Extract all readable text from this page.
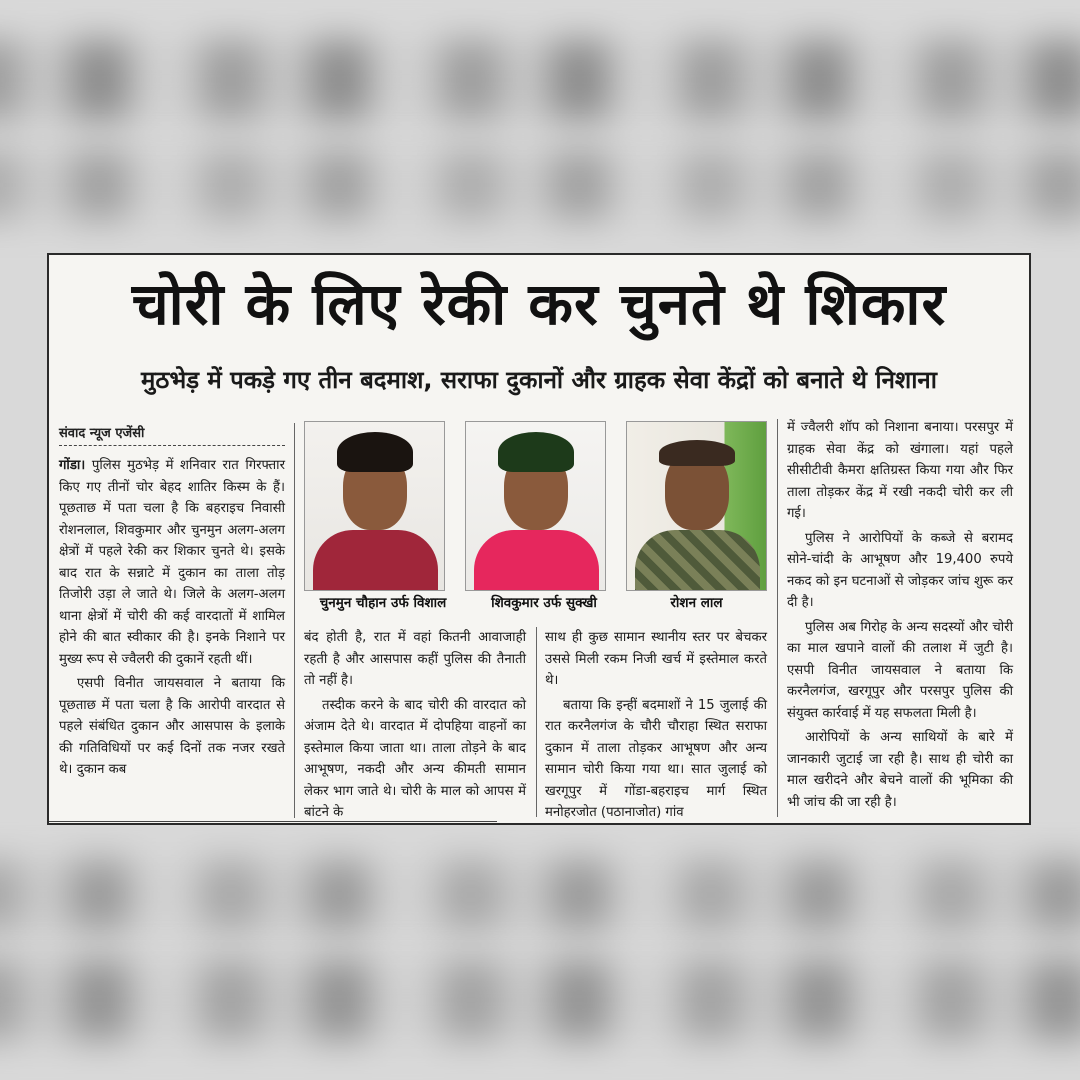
चोरी के लिए रेकी कर चुनते थे शिकार
मुठभेड़ में पकड़े गए तीन बदमाश, सराफा दुकानों और ग्राहक सेवा केंद्रों को बनाते थे निशाना
संवाद न्यूज एजेंसी

गोंडा। पुलिस मुठभेड़ में शनिवार रात गिरफ्तार किए गए तीनों चोर बेहद शातिर किस्म के हैं। पूछताछ में पता चला है कि बहराइच निवासी रोशनलाल, शिवकुमार और चुनमुन अलग-अलग क्षेत्रों में पहले रेकी कर शिकार चुनते थे। इसके बाद रात के सन्नाटे में दुकान का ताला तोड़ तिजोरी उड़ा ले जाते थे। जिले के अलग-अलग थाना क्षेत्रों में चोरी की कई वारदातों में शामिल होने की बात स्वीकार की है। इनके निशाने पर मुख्य रूप से ज्वैलरी की दुकानें रहती थीं।

एसपी विनीत जायसवाल ने बताया कि पूछताछ में पता चला है कि आरोपी वारदात से पहले संबंधित दुकान और आसपास के इलाके की गतिविधियों पर कई दिनों तक नजर रखते थे। दुकान कब

चुनमुन चौहान उर्फ विशाल	शिवकुमार उर्फ सुक्खी	रोशन लाल

बंद होती है, रात में वहां कितनी आवाजाही रहती है और आसपास कहीं पुलिस की तैनाती तो नहीं है।

तस्दीक करने के बाद चोरी की वारदात को अंजाम देते थे। वारदात में दोपहिया वाहनों का इस्तेमाल किया जाता था। ताला तोड़ने के बाद आभूषण, नकदी और अन्य कीमती सामान लेकर भाग जाते थे। चोरी के माल को आपस में बांटने के

साथ ही कुछ सामान स्थानीय स्तर पर बेचकर उससे मिली रकम निजी खर्च में इस्तेमाल करते थे।

बताया कि इन्हीं बदमाशों ने 15 जुलाई की रात करनैलगंज के चौरी चौराहा स्थित सराफा दुकान में ताला तोड़कर आभूषण और अन्य सामान चोरी किया गया था। सात जुलाई को खरगूपुर में गोंडा-बहराइच मार्ग स्थित मनोहरजोत (पठानाजोत) गांव

में ज्वैलरी शॉप को निशाना बनाया। परसपुर में ग्राहक सेवा केंद्र को खंगाला। यहां पहले सीसीटीवी कैमरा क्षतिग्रस्त किया गया और फिर ताला तोड़कर केंद्र में रखी नकदी चोरी कर ली गई।

पुलिस ने आरोपियों के कब्जे से बरामद सोने-चांदी के आभूषण और 19,400 रुपये नकद को इन घटनाओं से जोड़कर जांच शुरू कर दी है।

पुलिस अब गिरोह के अन्य सदस्यों और चोरी का माल खपाने वालों की तलाश में जुटी है। एसपी विनीत जायसवाल ने बताया कि करनैलगंज, खरगूपुर और परसपुर पुलिस की संयुक्त कार्रवाई में यह सफलता मिली है।

आरोपियों के अन्य साथियों के बारे में जानकारी जुटाई जा रही है। साथ ही चोरी का माल खरीदने और बेचने वालों की भूमिका की भी जांच की जा रही है।
